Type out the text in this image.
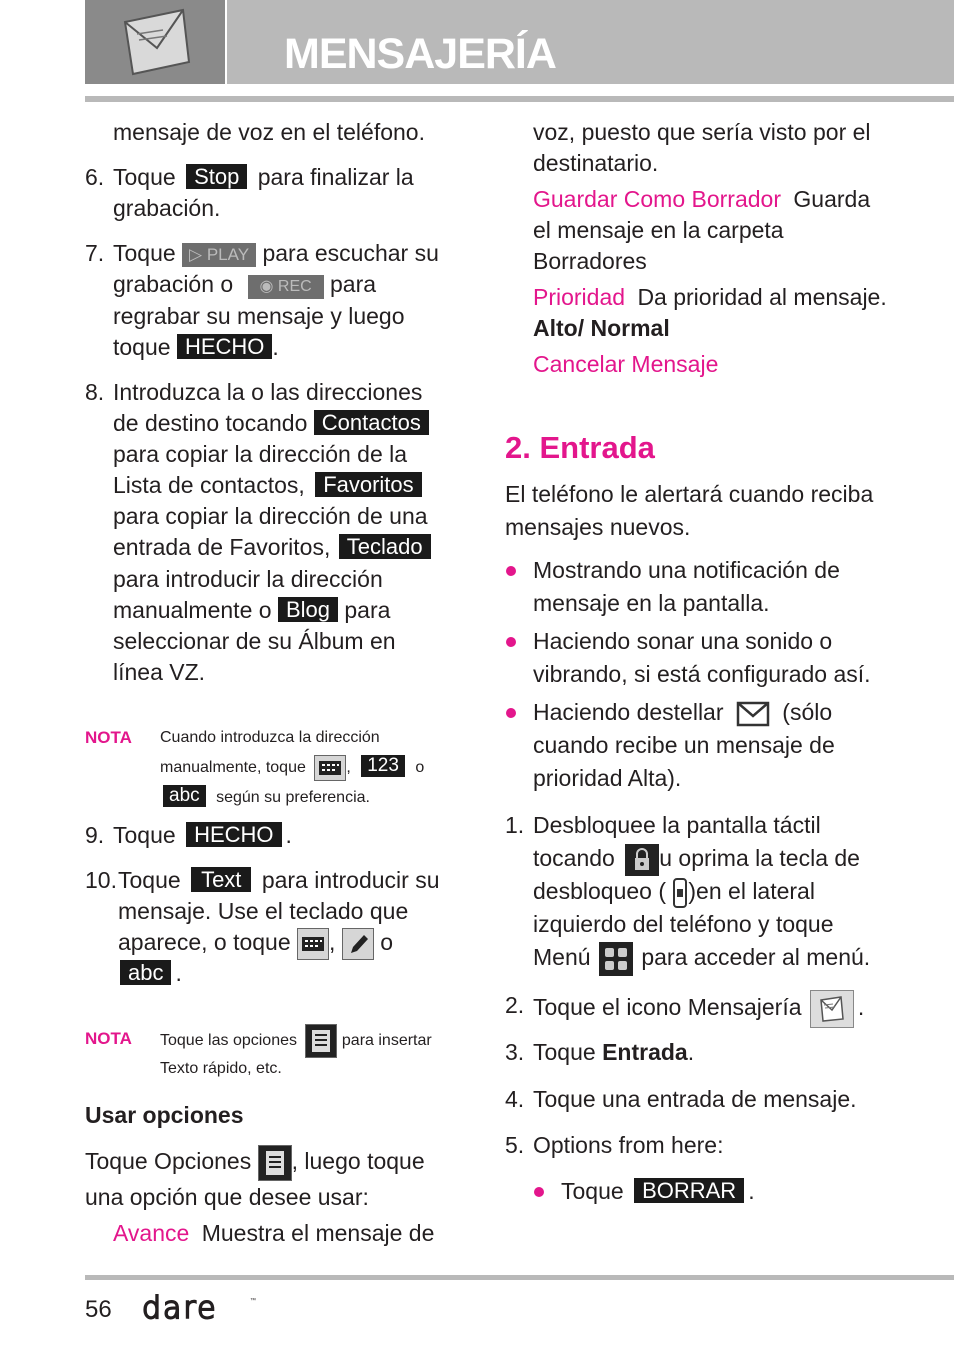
MENSAJERÍA
mensaje de voz en el teléfono.
6. Toque Stop para finalizar la
grabación.
7. Toque ▷ PLAY para escuchar su
grabación o ◉ REC para
regrabar su mensaje y luego
toque HECHO .
8. Introduzca la o las direcciones
de destino tocando Contactos
para copiar la dirección de la
Lista de contactos, Favoritos
para copiar la dirección de una
entrada de Favoritos, Teclado
para introducir la dirección
manualmente o Blog para
seleccionar de su Álbum en
línea VZ.
NOTA Cuando introduzca la dirección
manualmente, toque	, 123 o
abc según su preferencia.
9. Toque HECHO .
10. Toque Text para introducir su
mensaje. Use el teclado que
aparece, o toque , o
abc .
NOTA Toque las opciones	para insertar
Texto rápido, etc.
Usar opciones
Toque Opciones , luego toque
una opción que desee usar:
Avance Muestra el mensaje de
voz, puesto que sería visto por el
destinatario.
Guardar Como Borrador Guarda
el mensaje en la carpeta
Borradores
Prioridad Da prioridad al mensaje.
Alto/ Normal
Cancelar Mensaje
2. Entrada
El teléfono le alertará cuando reciba
mensajes nuevos.
Mostrando una notificación de
mensaje en la pantalla.
Haciendo sonar una sonido o
vibrando, si está configurado así.
Haciendo destellar	(sólo
cuando recibe un mensaje de
prioridad Alta).
1. Desbloquee la pantalla táctil
tocando u oprima la tecla de
desbloqueo ( )en el lateral
izquierdo del teléfono y toque
Menú para acceder al menú.
2. Toque el icono Mensajería .
3. Toque Entrada.
4. Toque una entrada de mensaje.
5. Options from here:
Toque BORRAR .
56 dare	™
